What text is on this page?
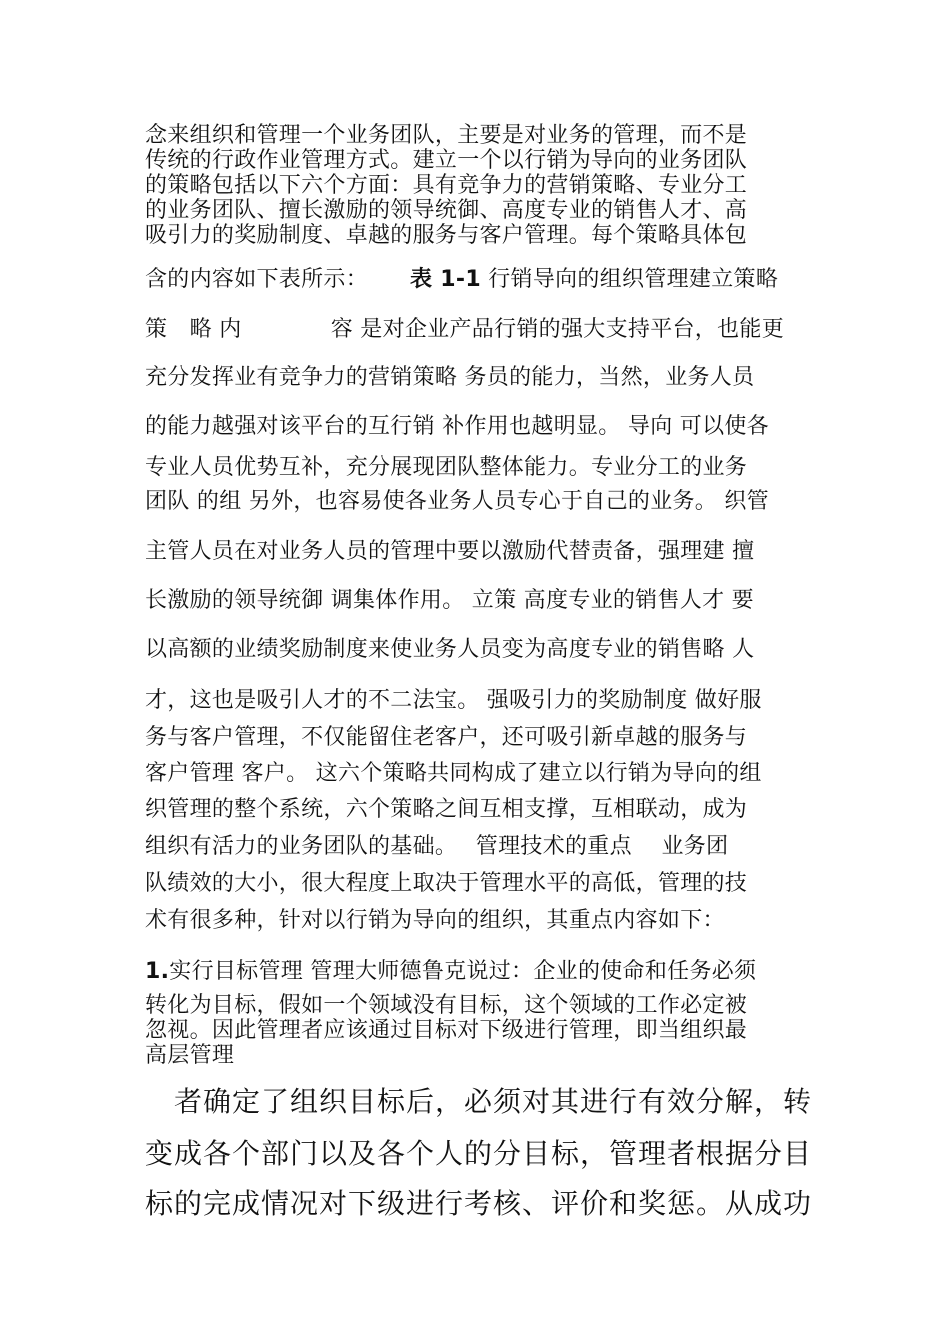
念来组织和管理一个业务团队，主要是对业务的管理，而不是
传统的行政作业管理方式。建立一个以行销为导向的业务团队
的策略包括以下六个方面：具有竞争力的营销策略、专业分工
的业务团队、擅长激励的领导统御、高度专业的销售人才、高
吸引力的奖励制度、卓越的服务与客户管理。每个策略具体包
含的内容如下表所示： 表 1-1 行销导向的组织管理建立策略
策　略 内　　　　容 是对企业产品行销的强大支持平台，也能更
充分发挥业有竞争力的营销策略 务员的能力，当然，业务人员
的能力越强对该平台的互行销 补作用也越明显。 导向 可以使各
专业人员优势互补，充分展现团队整体能力。专业分工的业务
团队 的组 另外，也容易使各业务人员专心于自己的业务。 织管
主管人员在对业务人员的管理中要以激励代替责备，强理建 擅
长激励的领导统御 调集体作用。 立策 高度专业的销售人才 要
以高额的业绩奖励制度来使业务人员变为高度专业的销售略 人
才，这也是吸引人才的不二法宝。 强吸引力的奖励制度 做好服
务与客户管理，不仅能留住老客户，还可吸引新卓越的服务与
客户管理 客户。 这六个策略共同构成了建立以行销为导向的组
织管理的整个系统，六个策略之间互相支撑，互相联动，成为
组织有活力的业务团队的基础。　 管理技术的重点　 业务团
队绩效的大小，很大程度上取决于管理水平的高低，管理的技
术有很多种，针对以行销为导向的组织，其重点内容如下：
1.实行目标管理 管理大师德鲁克说过：企业的使命和任务必须
转化为目标，假如一个领域没有目标，这个领域的工作必定被
忽视。因此管理者应该通过目标对下级进行管理，即当组织最
高层管理
　者确定了组织目标后，必须对其进行有效分解，转
变成各个部门以及各个人的分目标，管理者根据分目
标的完成情况对下级进行考核、评价和奖惩。从成功
